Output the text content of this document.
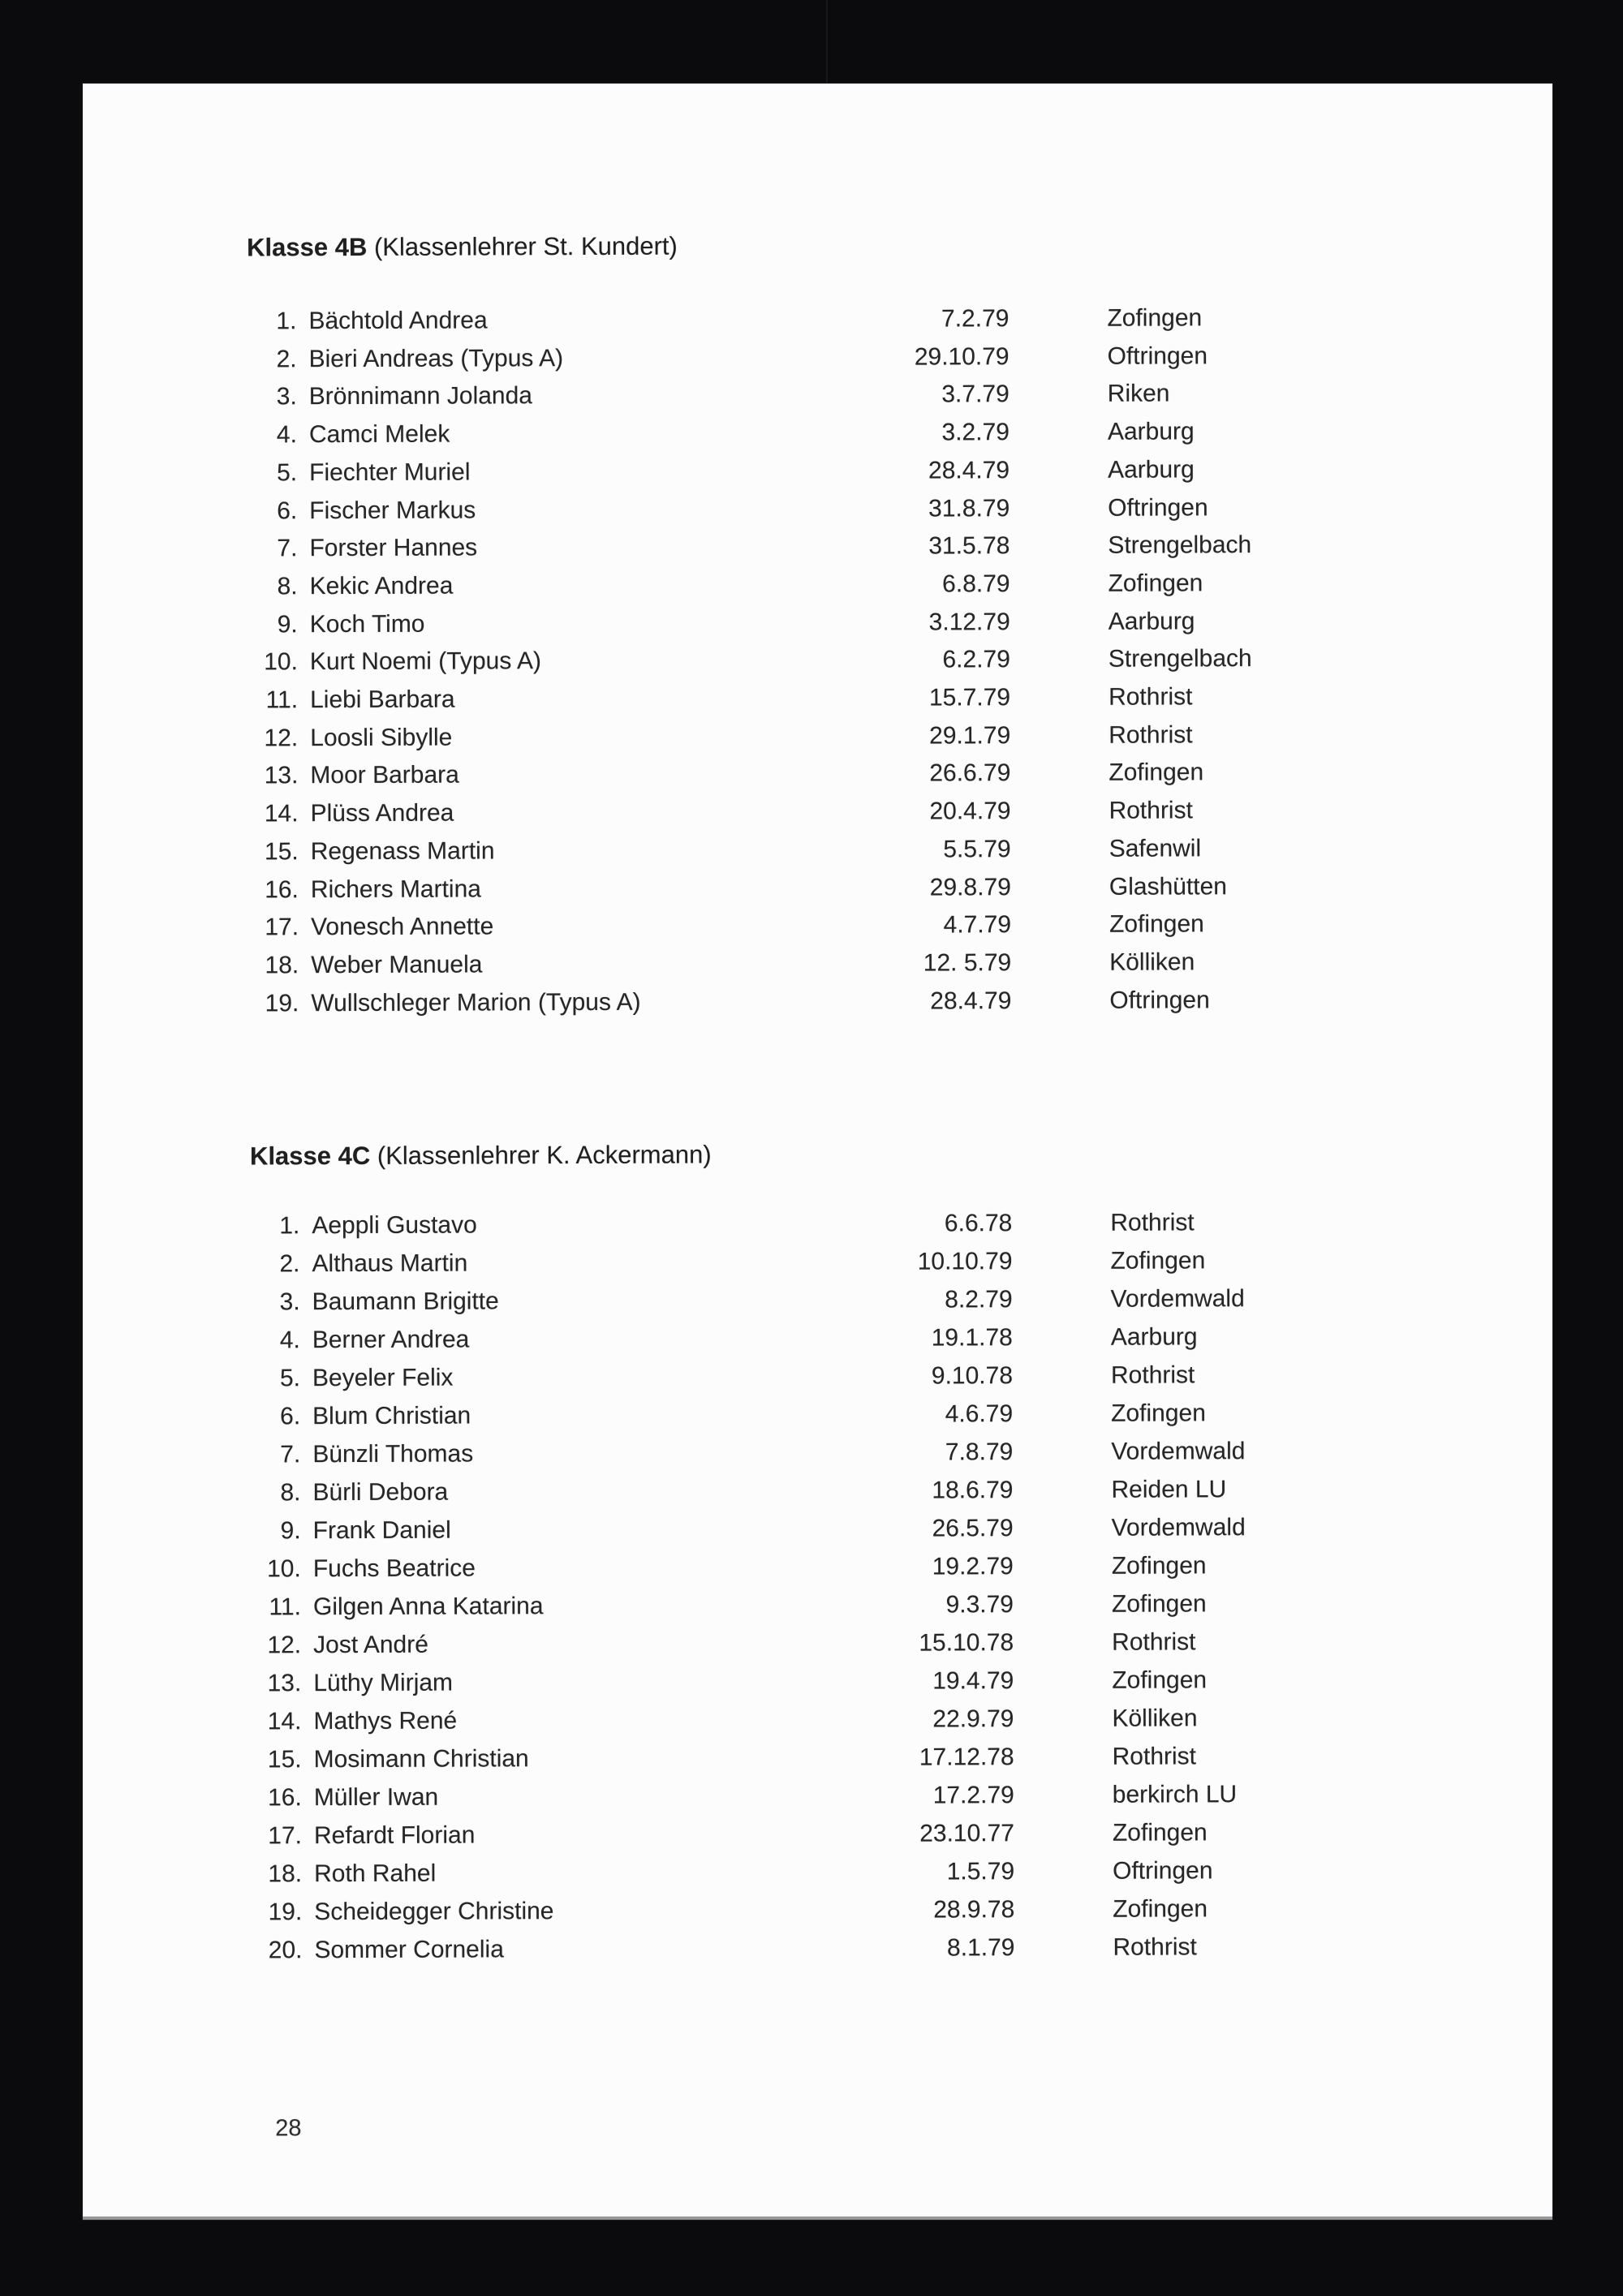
Klasse 4B (Klassenlehrer St. Kundert)
1. Bächtold Andrea	7.2.79	Zofingen
2. Bieri Andreas (Typus A)	29.10.79	Oftringen
3. Brönnimann Jolanda	3.7.79	Riken
4. Camci Melek	3.2.79	Aarburg
5. Fiechter Muriel	28.4.79	Aarburg
6. Fischer Markus	31.8.79	Oftringen
7. Forster Hannes	31.5.78	Strengelbach
8. Kekic Andrea	6.8.79	Zofingen
9. Koch Timo	3.12.79	Aarburg
10. Kurt Noemi (Typus A)	6.2.79	Strengelbach
11. Liebi Barbara	15.7.79	Rothrist
12. Loosli Sibylle	29.1.79	Rothrist
13. Moor Barbara	26.6.79	Zofingen
14. Plüss Andrea	20.4.79	Rothrist
15. Regenass Martin	5.5.79	Safenwil
16. Richers Martina	29.8.79	Glashütten
17. Vonesch Annette	4.7.79	Zofingen
18. Weber Manuela	12. 5.79	Kölliken
19. Wullschleger Marion (Typus A)	28.4.79	Oftringen
Klasse 4C (Klassenlehrer K. Ackermann)
1. Aeppli Gustavo	6.6.78	Rothrist
2. Althaus Martin	10.10.79	Zofingen
3. Baumann Brigitte	8.2.79	Vordemwald
4. Berner Andrea	19.1.78	Aarburg
5. Beyeler Felix	9.10.78	Rothrist
6. Blum Christian	4.6.79	Zofingen
7. Bünzli Thomas	7.8.79	Vordemwald
8. Bürli Debora	18.6.79	Reiden LU
9. Frank Daniel	26.5.79	Vordemwald
10. Fuchs Beatrice	19.2.79	Zofingen
11. Gilgen Anna Katarina	9.3.79	Zofingen
12. Jost André	15.10.78	Rothrist
13. Lüthy Mirjam	19.4.79	Zofingen
14. Mathys René	22.9.79	Kölliken
15. Mosimann Christian	17.12.78	Rothrist
16. Müller Iwan	17.2.79	berkirch LU
17. Refardt Florian	23.10.77	Zofingen
18. Roth Rahel	1.5.79	Oftringen
19. Scheidegger Christine	28.9.78	Zofingen
20. Sommer Cornelia	8.1.79	Rothrist
28
